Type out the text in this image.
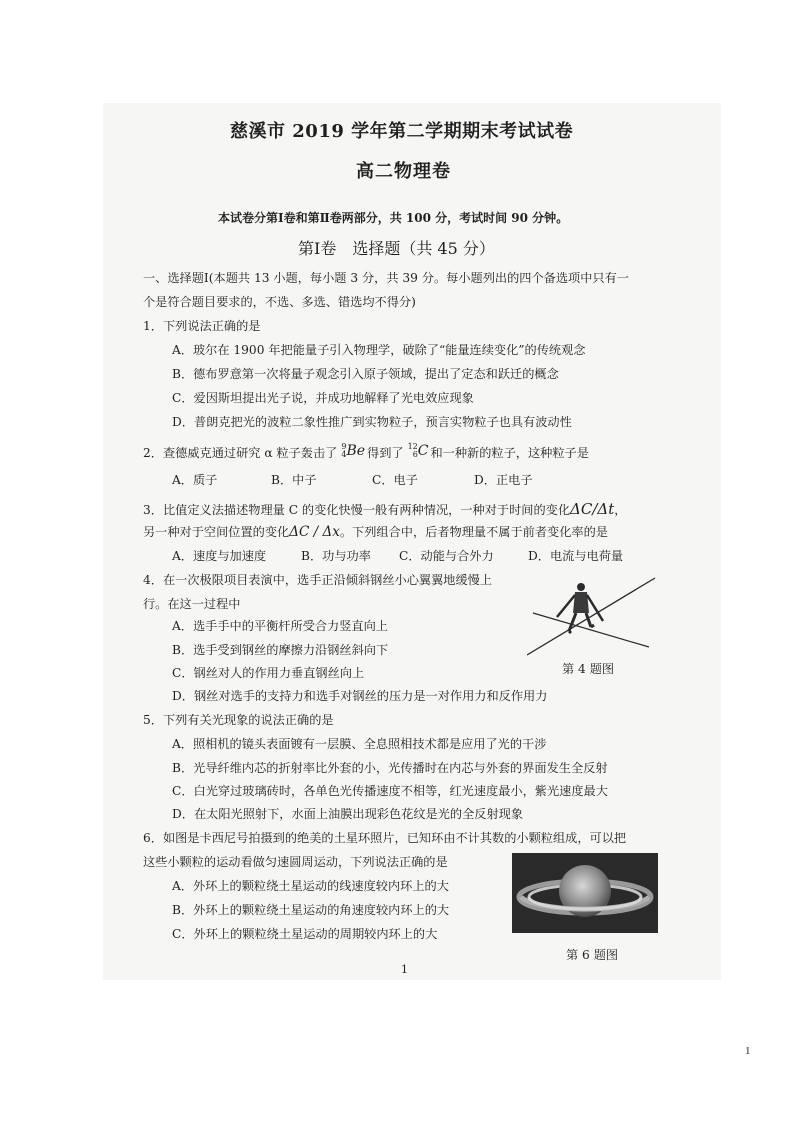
慈溪市 2019 学年第二学期期末考试试卷
高二物理卷
本试卷分第Ⅰ卷和第Ⅱ卷两部分，共 100 分，考试时间 90 分钟。
第Ⅰ卷　选择题（共 45 分）
一、选择题Ⅰ(本题共 13 小题，每小题 3 分，共 39 分。每小题列出的四个备选项中只有一
个是符合题目要求的，不选、多选、错选均不得分)
1．下列说法正确的是
A．玻尔在 1900 年把能量子引入物理学，破除了“能量连续变化”的传统观念
B．德布罗意第一次将量子观念引入原子领域，提出了定态和跃迁的概念
C．爱因斯坦提出光子说，并成功地解释了光电效应现象
D．普朗克把光的波粒二象性推广到实物粒子，预言实物粒子也具有波动性
2．查德威克通过研究 α 粒子轰击了 9
4 Be 得到了 12
6 C 和一种新的粒子，这种粒子是
A．质子	B．中子	C．电子	D．正电子
3．比值定义法描述物理量 C 的变化快慢一般有两种情况，一种对于时间的变化ΔC/Δt，
另一种对于空间位置的变化ΔC / Δx。下列组合中，后者物理量不属于前者变化率的是
A．速度与加速度	B．功与功率 C．动能与合外力	D．电流与电荷量
4．在一次极限项目表演中，选手正沿倾斜钢丝小心翼翼地缓慢上
行。在这一过程中
A．选手手中的平衡杆所受合力竖直向上
B．选手受到钢丝的摩擦力沿钢丝斜向下
C．钢丝对人的作用力垂直钢丝向上
D．钢丝对选手的支持力和选手对钢丝的压力是一对作用力和反作用力
第 4 题图
5．下列有关光现象的说法正确的是
A．照相机的镜头表面镀有一层膜、全息照相技术都是应用了光的干涉
B．光导纤维内芯的折射率比外套的小，光传播时在内芯与外套的界面发生全反射
C．白光穿过玻璃砖时，各单色光传播速度不相等，红光速度最小，紫光速度最大
D．在太阳光照射下，水面上油膜出现彩色花纹是光的全反射现象
6．如图是卡西尼号拍摄到的绝美的土星环照片，已知环由不计其数的小颗粒组成，可以把
这些小颗粒的运动看做匀速圆周运动，下列说法正确的是
A．外环上的颗粒绕土星运动的线速度较内环上的大
B．外环上的颗粒绕土星运动的角速度较内环上的大
C．外环上的颗粒绕土星运动的周期较内环上的大
第 6 题图
1
1
